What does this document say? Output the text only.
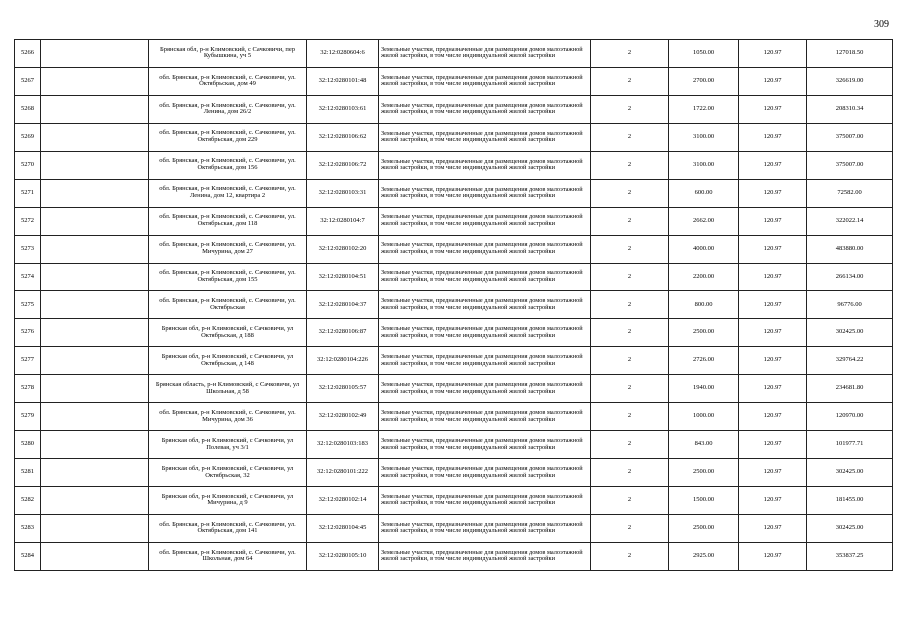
309
5266		Брянская обл, р-н Климовский, с Сачковичи, пер Кубышкина, уч 5	32:12:0280604:6	Земельные участки, предназначенные для размещения домов малоэтажной жилой застройки, в том числе индивидуальной жилой застройки	2	1050.00	120.97	127018.50
5267		обл. Брянская, р-н Климовский, с. Сачковичи, ул. Октябрьская, дом 49	32:12:0280101:48	Земельные участки, предназначенные для размещения домов малоэтажной жилой застройки, в том числе индивидуальной жилой застройки	2	2700.00	120.97	326619.00
5268		обл. Брянская, р-н Климовский, с. Сачковичи, ул. Ленина, дом 26/2	32:12:0280103:61	Земельные участки, предназначенные для размещения домов малоэтажной жилой застройки, в том числе индивидуальной жилой застройки	2	1722.00	120.97	208310.34
5269		обл. Брянская, р-н Климовский, с. Сачковичи, ул. Октябрьская, дом 229	32:12:0280106:62	Земельные участки, предназначенные для размещения домов малоэтажной жилой застройки, в том числе индивидуальной жилой застройки	2	3100.00	120.97	375007.00
5270		обл. Брянская, р-н Климовский, с. Сачковичи, ул. Октябрьская, дом 156	32:12:0280106:72	Земельные участки, предназначенные для размещения домов малоэтажной жилой застройки, в том числе индивидуальной жилой застройки	2	3100.00	120.97	375007.00
5271		обл. Брянская, р-н Климовский, с. Сачковичи, ул. Ленина, дом 12, квартира 2	32:12:0280103:31	Земельные участки, предназначенные для размещения домов малоэтажной жилой застройки, в том числе индивидуальной жилой застройки	2	600.00	120.97	72582.00
5272		обл. Брянская, р-н Климовский, с. Сачковичи, ул. Октябрьская, дом 118	32:12:0280104:7	Земельные участки, предназначенные для размещения домов малоэтажной жилой застройки, в том числе индивидуальной жилой застройки	2	2662.00	120.97	322022.14
5273		обл. Брянская, р-н Климовский, с. Сачковичи, ул. Мичурина, дом 27	32:12:0280102:20	Земельные участки, предназначенные для размещения домов малоэтажной жилой застройки, в том числе индивидуальной жилой застройки	2	4000.00	120.97	483880.00
5274		обл. Брянская, р-н Климовский, с. Сачковичи, ул. Октябрьская, дом 155	32:12:0280104:51	Земельные участки, предназначенные для размещения домов малоэтажной жилой застройки, в том числе индивидуальной жилой застройки	2	2200.00	120.97	266134.00
5275		обл. Брянская, р-н Климовский, с. Сачковичи, ул. Октябрьская	32:12:0280104:37	Земельные участки, предназначенные для размещения домов малоэтажной жилой застройки, в том числе индивидуальной жилой застройки	2	800.00	120.97	96776.00
5276		Брянская обл, р-н Климовский, с Сачковичи, ул Октябрьская, д 188	32:12:0280106:87	Земельные участки, предназначенные для размещения домов малоэтажной жилой застройки, в том числе индивидуальной жилой застройки	2	2500.00	120.97	302425.00
5277		Брянская обл, р-н Климовский, с Сачковичи, ул Октябрьская, д 148	32:12:0280104:226	Земельные участки, предназначенные для размещения домов малоэтажной жилой застройки, в том числе индивидуальной жилой застройки	2	2726.00	120.97	329764.22
5278		Брянская область, р-н Климовский, с Сачковичи, ул Школьная, д 58	32:12:0280105:57	Земельные участки, предназначенные для размещения домов малоэтажной жилой застройки, в том числе индивидуальной жилой застройки	2	1940.00	120.97	234681.80
5279		обл. Брянская, р-н Климовский, с. Сачковичи, ул. Мичурина, дом 36	32:12:0280102:49	Земельные участки, предназначенные для размещения домов малоэтажной жилой застройки, в том числе индивидуальной жилой застройки	2	1000.00	120.97	120970.00
5280		Брянская обл, р-н Климовский, с Сачковичи, ул Полевая, уч 3/1	32:12:0280103:183	Земельные участки, предназначенные для размещения домов малоэтажной жилой застройки, в том числе индивидуальной жилой застройки	2	843.00	120.97	101977.71
5281		Брянская обл, р-н Климовский, с Сачковичи, ул Октябрьская, 32	32:12:0280101:222	Земельные участки, предназначенные для размещения домов малоэтажной жилой застройки, в том числе индивидуальной жилой застройки	2	2500.00	120.97	302425.00
5282		Брянская обл, р-н Климовский, с Сачковичи, ул Мичурина, д 9	32:12:0280102:14	Земельные участки, предназначенные для размещения домов малоэтажной жилой застройки, в том числе индивидуальной жилой застройки	2	1500.00	120.97	181455.00
5283		обл. Брянская, р-н Климовский, с. Сачковичи, ул. Октябрьская, дом 141	32:12:0280104:45	Земельные участки, предназначенные для размещения домов малоэтажной жилой застройки, в том числе индивидуальной жилой застройки	2	2500.00	120.97	302425.00
5284		обл. Брянская, р-н Климовский, с. Сачковичи, ул. Школьная, дом 64	32:12:0280105:10	Земельные участки, предназначенные для размещения домов малоэтажной жилой застройки, в том числе индивидуальной жилой застройки	2	2925.00	120.97	353837.25
